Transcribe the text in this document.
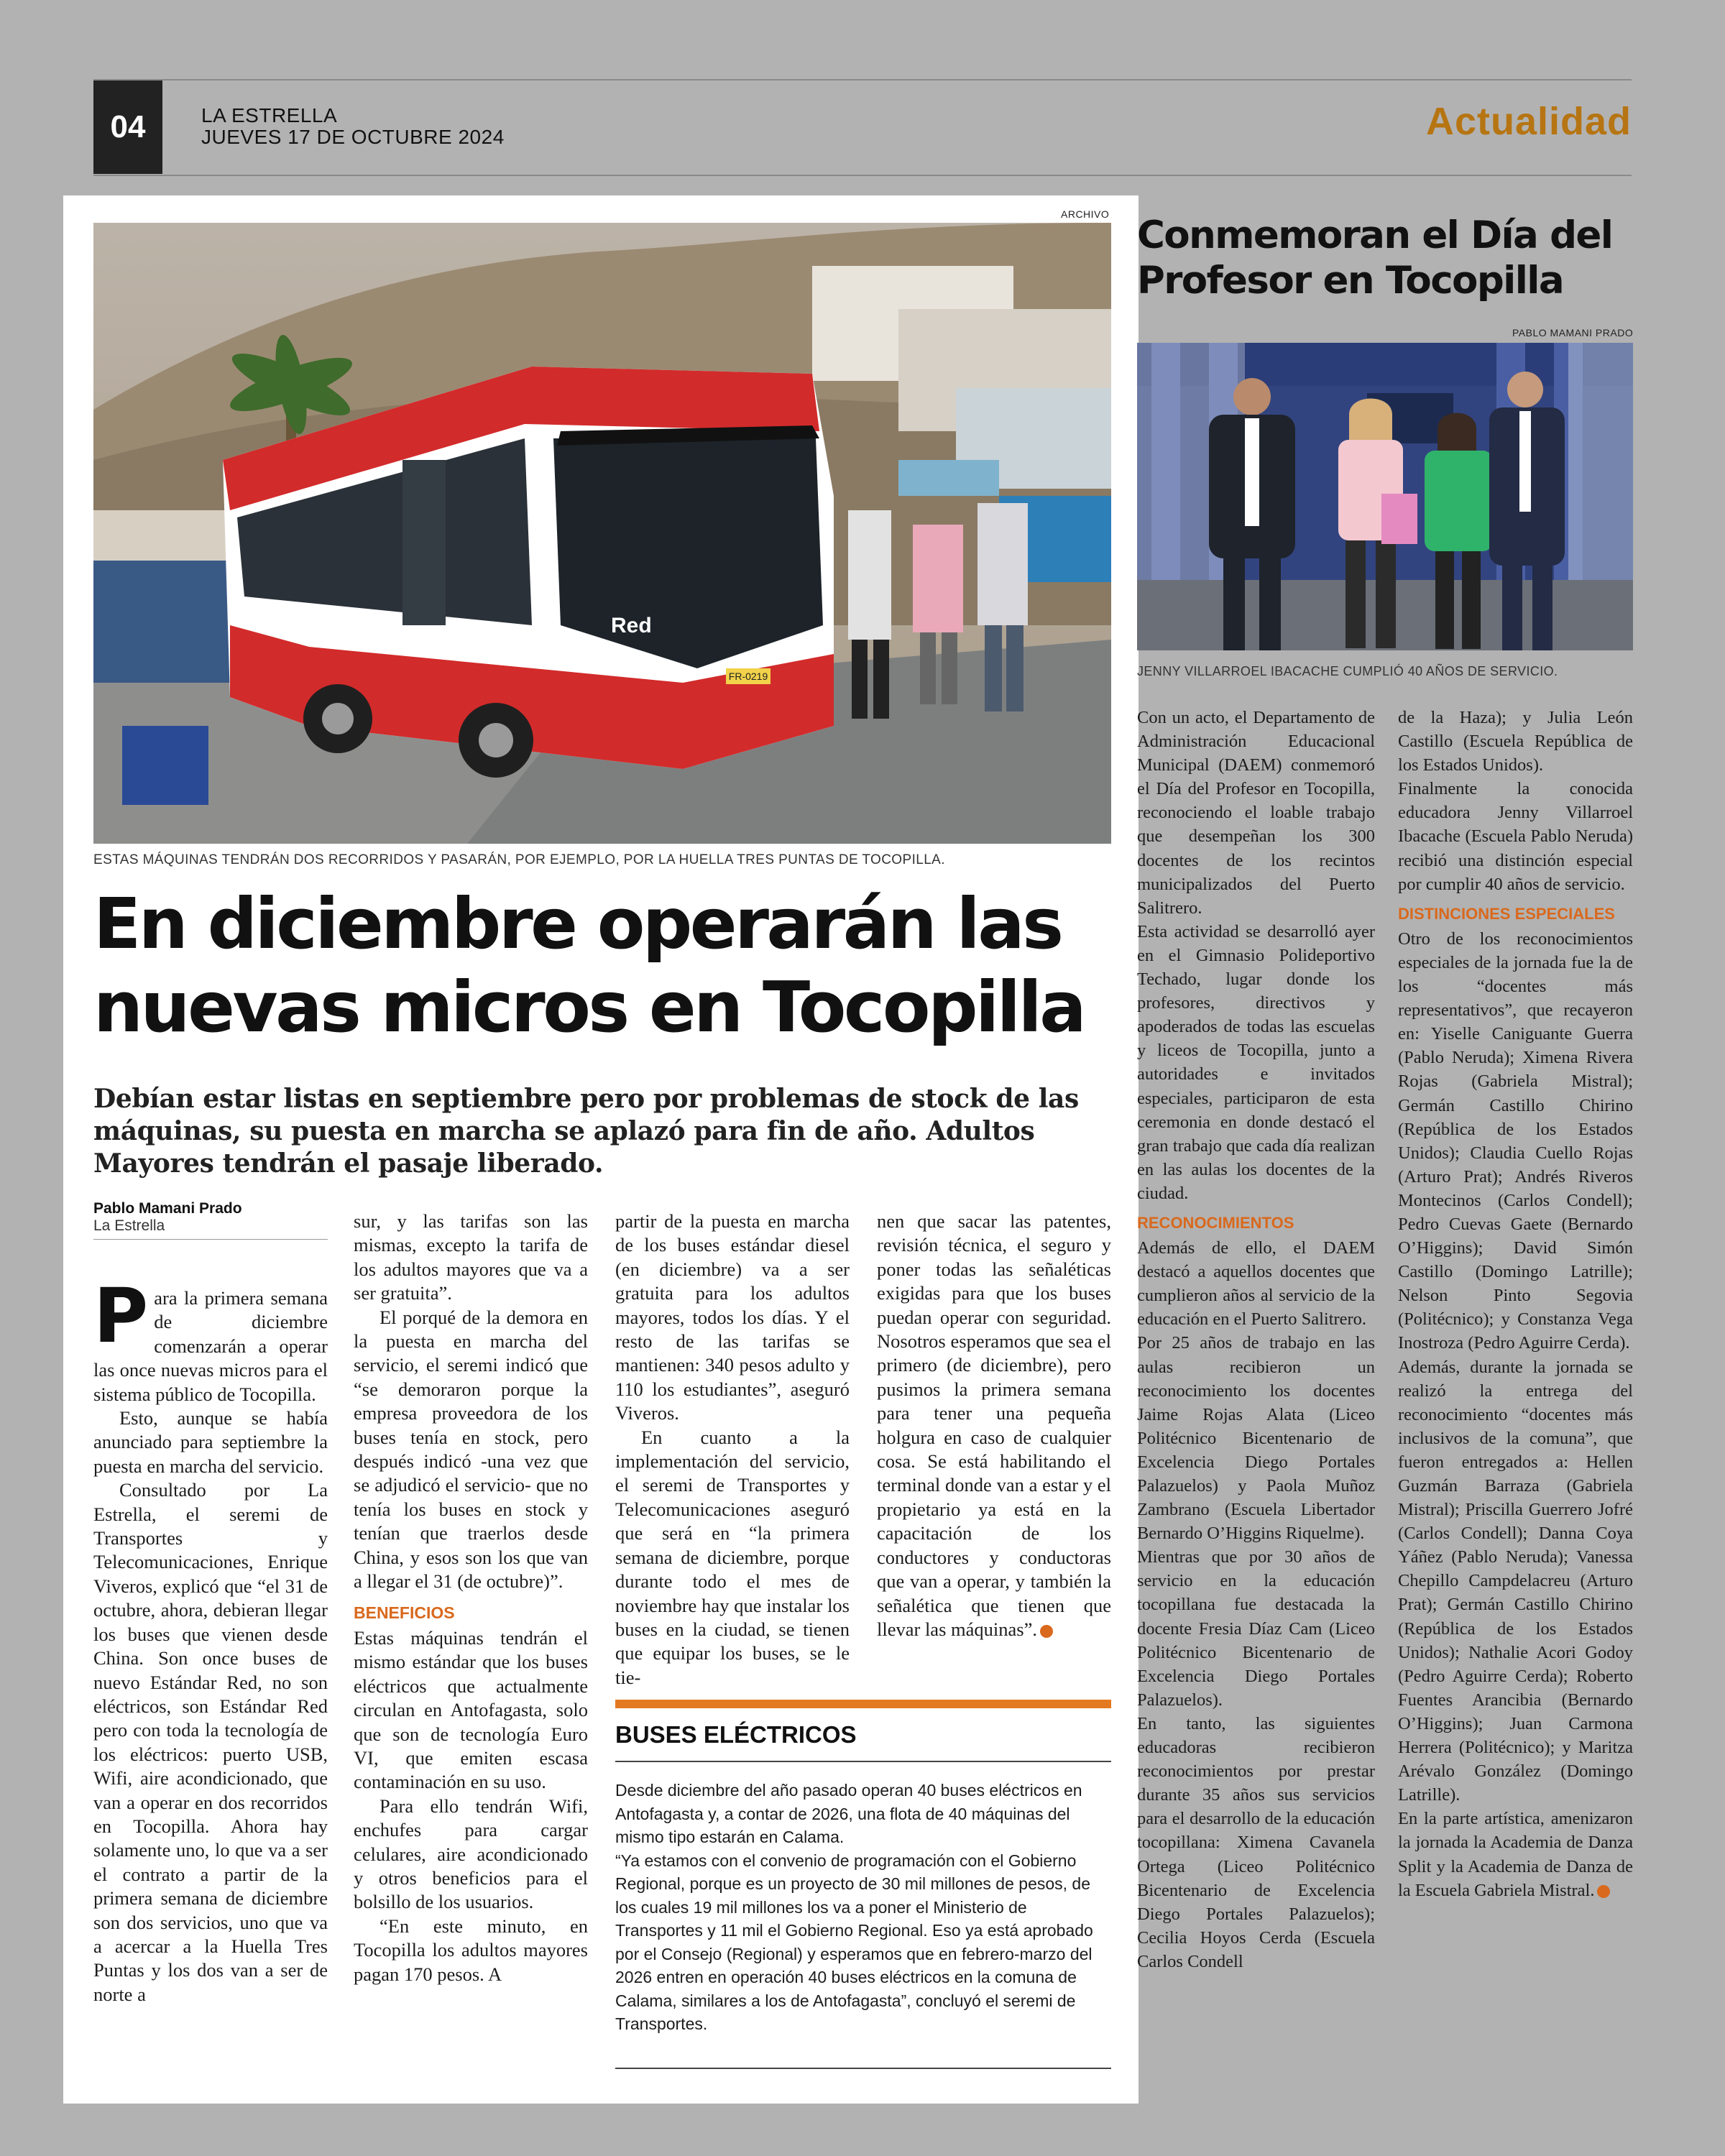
04	LA ESTRELLA
JUEVES 17 DE OCTUBRE 2024	Actualidad
ARCHIVO
FR-0219
Red
ESTAS MÁQUINAS TENDRÁN DOS RECORRIDOS Y PASARÁN, POR EJEMPLO, POR LA HUELLA TRES PUNTAS DE TOCOPILLA.
En diciembre operarán las
nuevas micros en Tocopilla
Debían estar listas en septiembre pero por problemas de stock de las máquinas, su puesta en marcha se aplazó para fin de año. Adultos Mayores tendrán el pasaje liberado.
Pablo Mamani Prado
La Estrella

Para la primera semana de diciembre comenzarán a operar las once nuevas micros para el sistema público de Tocopilla.

Esto, aunque se había anunciado para septiembre la puesta en marcha del servicio.

Consultado por La Estrella, el seremi de Transportes y Telecomunicaciones, Enrique Viveros, explicó que “el 31 de octubre, ahora, debieran llegar los buses que vienen desde China. Son once buses de nuevo Estándar Red, no son eléctricos, son Estándar Red pero con toda la tecnología de los eléctricos: puerto USB, Wifi, aire acondicionado, que van a operar en dos recorridos en Tocopilla. Ahora hay solamente uno, lo que va a ser el contrato a partir de la primera semana de diciembre son dos servicios, uno que va a acercar a la Huella Tres Puntas y los dos van a ser de norte a

sur, y las tarifas son las mismas, excepto la tarifa de los adultos mayores que va a ser gratuita”.

El porqué de la demora en la puesta en marcha del servicio, el seremi indicó que “se demoraron porque la empresa proveedora de los buses tenía en stock, pero después indicó -una vez que se adjudicó el servicio- que no tenía los buses en stock y tenían que traerlos desde China, y esos son los que van a llegar el 31 (de octubre)”.

BENEFICIOS

Estas máquinas tendrán el mismo estándar que los buses eléctricos que actualmente circulan en Antofagasta, solo que son de tecnología Euro VI, que emiten escasa contaminación en su uso.

Para ello tendrán Wifi, enchufes para cargar celulares, aire acondicionado y otros beneficios para el bolsillo de los usuarios.

“En este minuto, en Tocopilla los adultos mayores pagan 170 pesos. A

partir de la puesta en marcha de los buses estándar diesel (en diciembre) va a ser gratuita para los adultos mayores, todos los días. Y el resto de las tarifas se mantienen: 340 pesos adulto y 110 los estudiantes”, aseguró Viveros.

En cuanto a la implementación del servicio, el seremi de Transportes y Telecomunicaciones aseguró que será en “la primera semana de diciembre, porque durante todo el mes de noviembre hay que instalar los buses en la ciudad, se tienen que equipar los buses, se le tie-

nen que sacar las patentes, revisión técnica, el seguro y poner todas las señaléticas exigidas para que los buses puedan operar con seguridad. Nosotros esperamos que sea el primero (de diciembre), pero pusimos la primera semana para tener una pequeña holgura en caso de cualquier cosa. Se está habilitando el terminal donde van a estar y el propietario ya está en la capacitación de los conductores y conductoras que van a operar, y también la señalética que tienen que llevar las máquinas”.

BUSES ELÉCTRICOS

Desde diciembre del año pasado operan 40 buses eléctricos en Antofagasta y, a contar de 2026, una flota de 40 máquinas del mismo tipo estarán en Calama.

“Ya estamos con el convenio de programación con el Gobierno Regional, porque es un proyecto de 30 mil millones de pesos, de los cuales 19 mil millones los va a poner el Ministerio de Transportes y 11 mil el Gobierno Regional. Eso ya está aprobado por el Consejo (Regional) y esperamos que en febrero-marzo del 2026 entren en operación 40 buses eléctricos en la comuna de Calama, similares a los de Antofagasta”, concluyó el seremi de Transportes.

Conmemoran el Día del
Profesor en Tocopilla
PABLO MAMANI PRADO
JENNY VILLARROEL IBACACHE CUMPLIÓ 40 AÑOS DE SERVICIO.

Con un acto, el Departamento de Administración Educacional Municipal (DAEM) conmemoró el Día del Profesor en Tocopilla, reconociendo el loable trabajo que desempeñan los 300 docentes de los recintos municipalizados del Puerto Salitrero.

Esta actividad se desarrolló ayer en el Gimnasio Polideportivo Techado, lugar donde los profesores, directivos y apoderados de todas las escuelas y liceos de Tocopilla, junto a autoridades e invitados especiales, participaron de esta ceremonia en donde destacó el gran trabajo que cada día realizan en las aulas los docentes de la ciudad.

RECONOCIMIENTOS

Además de ello, el DAEM destacó a aquellos docentes que cumplieron años al servicio de la educación en el Puerto Salitrero.

Por 25 años de trabajo en las aulas recibieron un reconocimiento los docentes Jaime Rojas Alata (Liceo Politécnico Bicentenario de Excelencia Diego Portales Palazuelos) y Paola Muñoz Zambrano (Escuela Libertador Bernardo O’Higgins Riquelme).

Mientras que por 30 años de servicio en la educación tocopillana fue destacada la docente Fresia Díaz Cam (Liceo Politécnico Bicentenario de Excelencia Diego Portales Palazuelos).

En tanto, las siguientes educadoras recibieron reconocimientos por prestar durante 35 años sus servicios para el desarrollo de la educación tocopillana: Ximena Cavanela Ortega (Liceo Politécnico Bicentenario de Excelencia Diego Portales Palazuelos); Cecilia Hoyos Cerda (Escuela Carlos Condell

de la Haza); y Julia León Castillo (Escuela República de los Estados Unidos).

Finalmente la conocida educadora Jenny Villarroel Ibacache (Escuela Pablo Neruda) recibió una distinción especial por cumplir 40 años de servicio.

DISTINCIONES ESPECIALES

Otro de los reconocimientos especiales de la jornada fue la de los “docentes más representativos”, que recayeron en: Yiselle Caniguante Guerra (Pablo Neruda); Ximena Rivera Rojas (Gabriela Mistral); Germán Castillo Chirino (República de los Estados Unidos); Claudia Cuello Rojas (Arturo Prat); Andrés Riveros Montecinos (Carlos Condell); Pedro Cuevas Gaete (Bernardo O’Higgins); David Simón Castillo (Domingo Latrille); Nelson Pinto Segovia (Politécnico); y Constanza Vega Inostroza (Pedro Aguirre Cerda).

Además, durante la jornada se realizó la entrega del reconocimiento “docentes más inclusivos de la comuna”, que fueron entregados a: Hellen Guzmán Barraza (Gabriela Mistral); Priscilla Guerrero Jofré (Carlos Condell); Danna Coya Yáñez (Pablo Neruda); Vanessa Chepillo Campdelacreu (Arturo Prat); Germán Castillo Chirino (República de los Estados Unidos); Nathalie Acori Godoy (Pedro Aguirre Cerda); Roberto Fuentes Arancibia (Bernardo O’Higgins); Juan Carmona Herrera (Politécnico); y Maritza Arévalo González (Domingo Latrille).

En la parte artística, amenizaron la jornada la Academia de Danza Split y la Academia de Danza de la Escuela Gabriela Mistral.
